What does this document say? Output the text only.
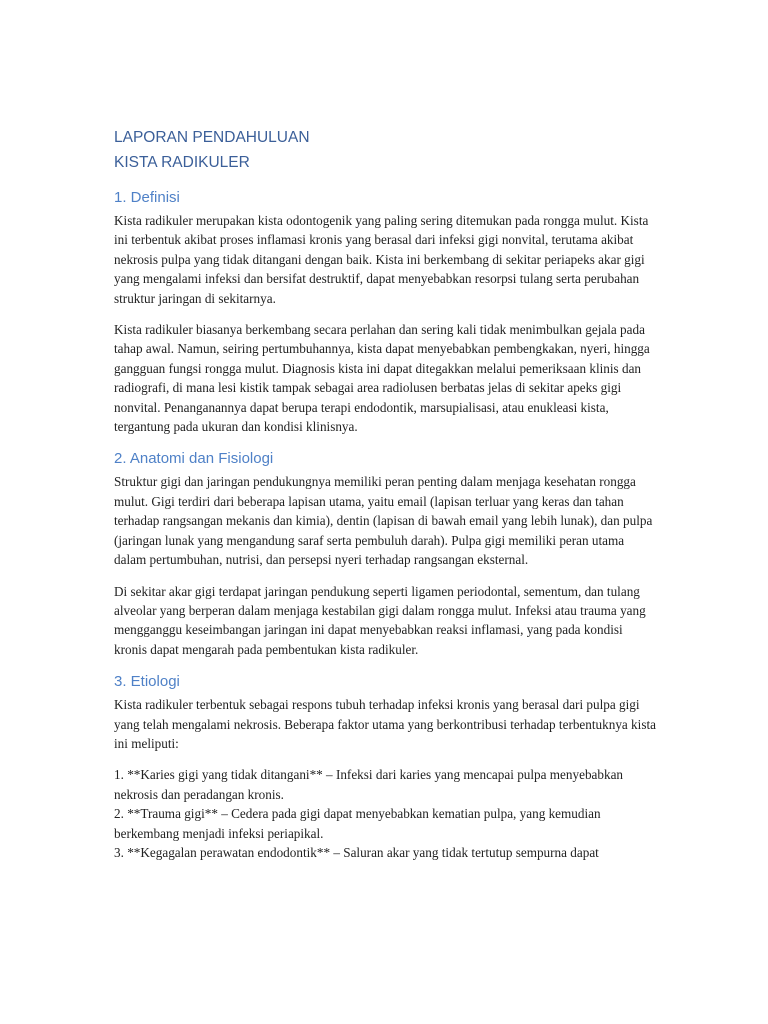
LAPORAN PENDAHULUAN
KISTA RADIKULER
1. Definisi

Kista radikuler merupakan kista odontogenik yang paling sering ditemukan pada rongga mulut. Kista ini terbentuk akibat proses inflamasi kronis yang berasal dari infeksi gigi nonvital, terutama akibat nekrosis pulpa yang tidak ditangani dengan baik. Kista ini berkembang di sekitar periapeks akar gigi yang mengalami infeksi dan bersifat destruktif, dapat menyebabkan resorpsi tulang serta perubahan struktur jaringan di sekitarnya.

Kista radikuler biasanya berkembang secara perlahan dan sering kali tidak menimbulkan gejala pada tahap awal. Namun, seiring pertumbuhannya, kista dapat menyebabkan pembengkakan, nyeri, hingga gangguan fungsi rongga mulut. Diagnosis kista ini dapat ditegakkan melalui pemeriksaan klinis dan radiografi, di mana lesi kistik tampak sebagai area radiolusen berbatas jelas di sekitar apeks gigi nonvital. Penanganannya dapat berupa terapi endodontik, marsupialisasi, atau enukleasi kista, tergantung pada ukuran dan kondisi klinisnya.

2. Anatomi dan Fisiologi

Struktur gigi dan jaringan pendukungnya memiliki peran penting dalam menjaga kesehatan rongga mulut. Gigi terdiri dari beberapa lapisan utama, yaitu email (lapisan terluar yang keras dan tahan terhadap rangsangan mekanis dan kimia), dentin (lapisan di bawah email yang lebih lunak), dan pulpa (jaringan lunak yang mengandung saraf serta pembuluh darah). Pulpa gigi memiliki peran utama dalam pertumbuhan, nutrisi, dan persepsi nyeri terhadap rangsangan eksternal.

Di sekitar akar gigi terdapat jaringan pendukung seperti ligamen periodontal, sementum, dan tulang alveolar yang berperan dalam menjaga kestabilan gigi dalam rongga mulut. Infeksi atau trauma yang mengganggu keseimbangan jaringan ini dapat menyebabkan reaksi inflamasi, yang pada kondisi kronis dapat mengarah pada pembentukan kista radikuler.

3. Etiologi

Kista radikuler terbentuk sebagai respons tubuh terhadap infeksi kronis yang berasal dari pulpa gigi yang telah mengalami nekrosis. Beberapa faktor utama yang berkontribusi terhadap terbentuknya kista ini meliputi:

1. **Karies gigi yang tidak ditangani** – Infeksi dari karies yang mencapai pulpa menyebabkan nekrosis dan peradangan kronis.
2. **Trauma gigi** – Cedera pada gigi dapat menyebabkan kematian pulpa, yang kemudian berkembang menjadi infeksi periapikal.
3. **Kegagalan perawatan endodontik** – Saluran akar yang tidak tertutup sempurna dapat
